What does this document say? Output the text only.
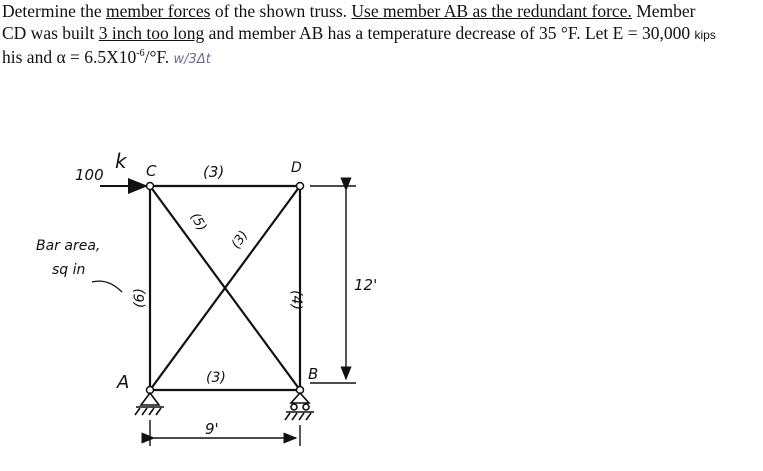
Determine the member forces of the shown truss. Use member AB as the redundant force. Member
CD was built 3 inch too long and member AB has a temperature decrease of 35 °F. Let E = 30,000 kips
his and $\alpha = 6.5X10^{-6}/^\circ F$. w/3Δt
100
k C	D
A	B
Bar area,
sq in
(3)
(3)
(6)	(4)
(5)
(3)
12'
9'
